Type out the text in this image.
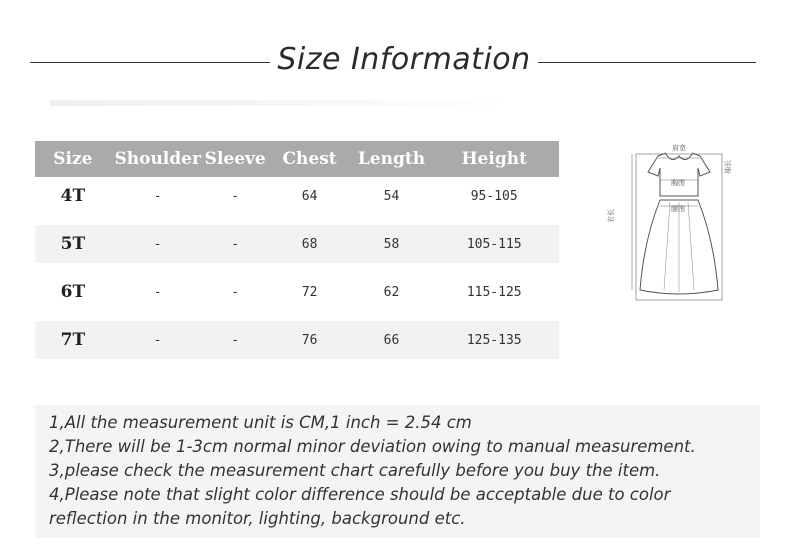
Size Information
Size	Shoulder	Sleeve	Chest	Length	Height
4T	-	-	64	54	95-105

5T	-	-	68	58	105-115

6T	-	-	72	62	115-125

7T	-	-	76	66	125-135
肩宽
胸围
腰围
衣长
袖长

1,All the measurement unit is CM,1 inch = 2.54 cm

2,There will be 1-3cm normal minor deviation owing to manual measurement.

3,please check the measurement chart carefully before you buy the item.

4,Please note that slight color difference should be acceptable due to color

reflection in the monitor, lighting, background etc.
